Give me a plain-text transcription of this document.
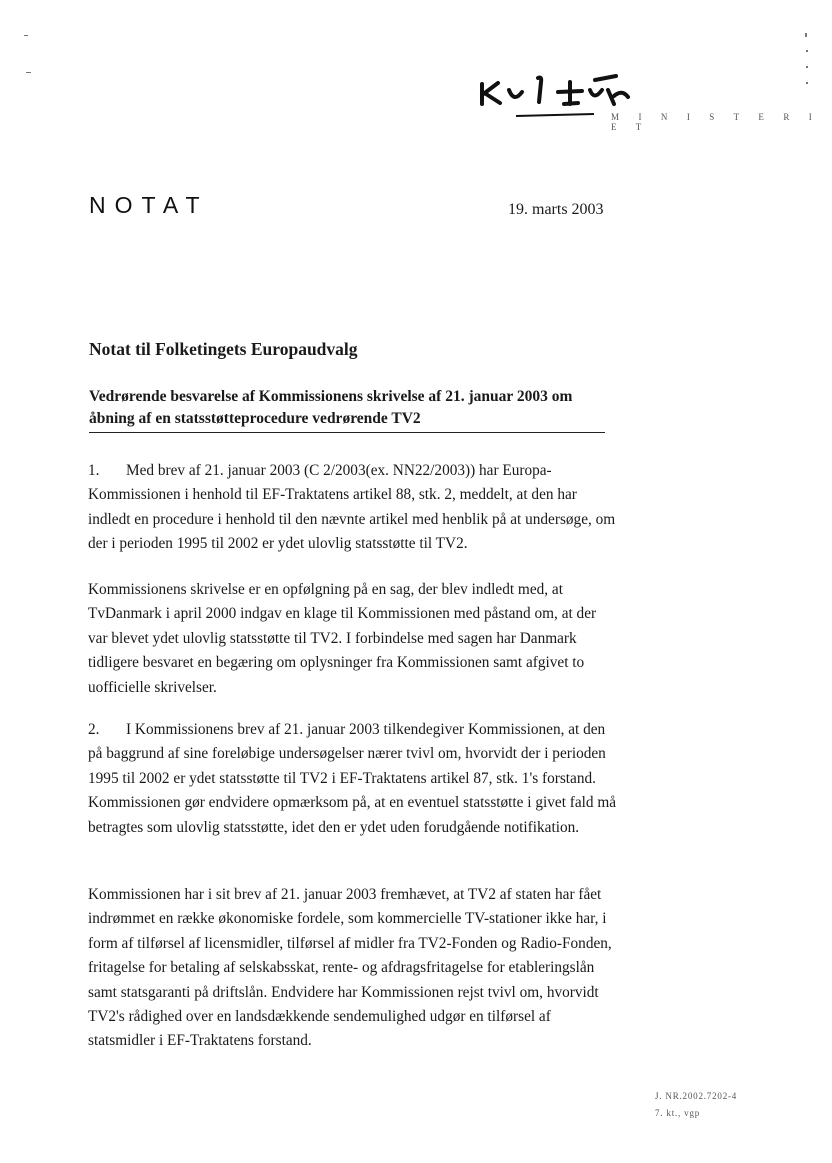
M I N I S T E R I E T
NOTAT	19. marts 2003
Notat til Folketingets Europaudvalg
Vedrørende besvarelse af Kommissionens skrivelse af 21. januar 2003 om åbning af en statsstøtteprocedure vedrørende TV2

1. Med brev af 21. januar 2003 (C 2/2003(ex. NN22/2003)) har Europa-Kommissionen i henhold til EF-Traktatens artikel 88, stk. 2, meddelt, at den har indledt en procedure i henhold til den nævnte artikel med henblik på at undersøge, om der i perioden 1995 til 2002 er ydet ulovlig statsstøtte til TV2.

Kommissionens skrivelse er en opfølgning på en sag, der blev indledt med, at TvDanmark i april 2000 indgav en klage til Kommissionen med påstand om, at der var blevet ydet ulovlig statsstøtte til TV2. I forbindelse med sagen har Danmark tidligere besvaret en begæring om oplysninger fra Kommissionen samt afgivet to uofficielle skrivelser.

2. I Kommissionens brev af 21. januar 2003 tilkendegiver Kommissionen, at den på baggrund af sine foreløbige undersøgelser nærer tvivl om, hvorvidt der i perioden 1995 til 2002 er ydet statsstøtte til TV2 i EF-Traktatens artikel 87, stk. 1's forstand. Kommissionen gør endvidere opmærksom på, at en eventuel statsstøtte i givet fald må betragtes som ulovlig statsstøtte, idet den er ydet uden forudgående notifikation.

Kommissionen har i sit brev af 21. januar 2003 fremhævet, at TV2 af staten har fået indrømmet en række økonomiske fordele, som kommercielle TV-stationer ikke har, i form af tilførsel af licensmidler, tilførsel af midler fra TV2-Fonden og Radio-Fonden, fritagelse for betaling af selskabsskat, rente- og afdragsfritagelse for etableringslån samt statsgaranti på driftslån. Endvidere har Kommissionen rejst tvivl om, hvorvidt TV2's rådighed over en landsdækkende sendemulighed udgør en tilførsel af statsmidler i EF-Traktatens forstand.

J. NR.2002.7202-4
7. kt., vgp
